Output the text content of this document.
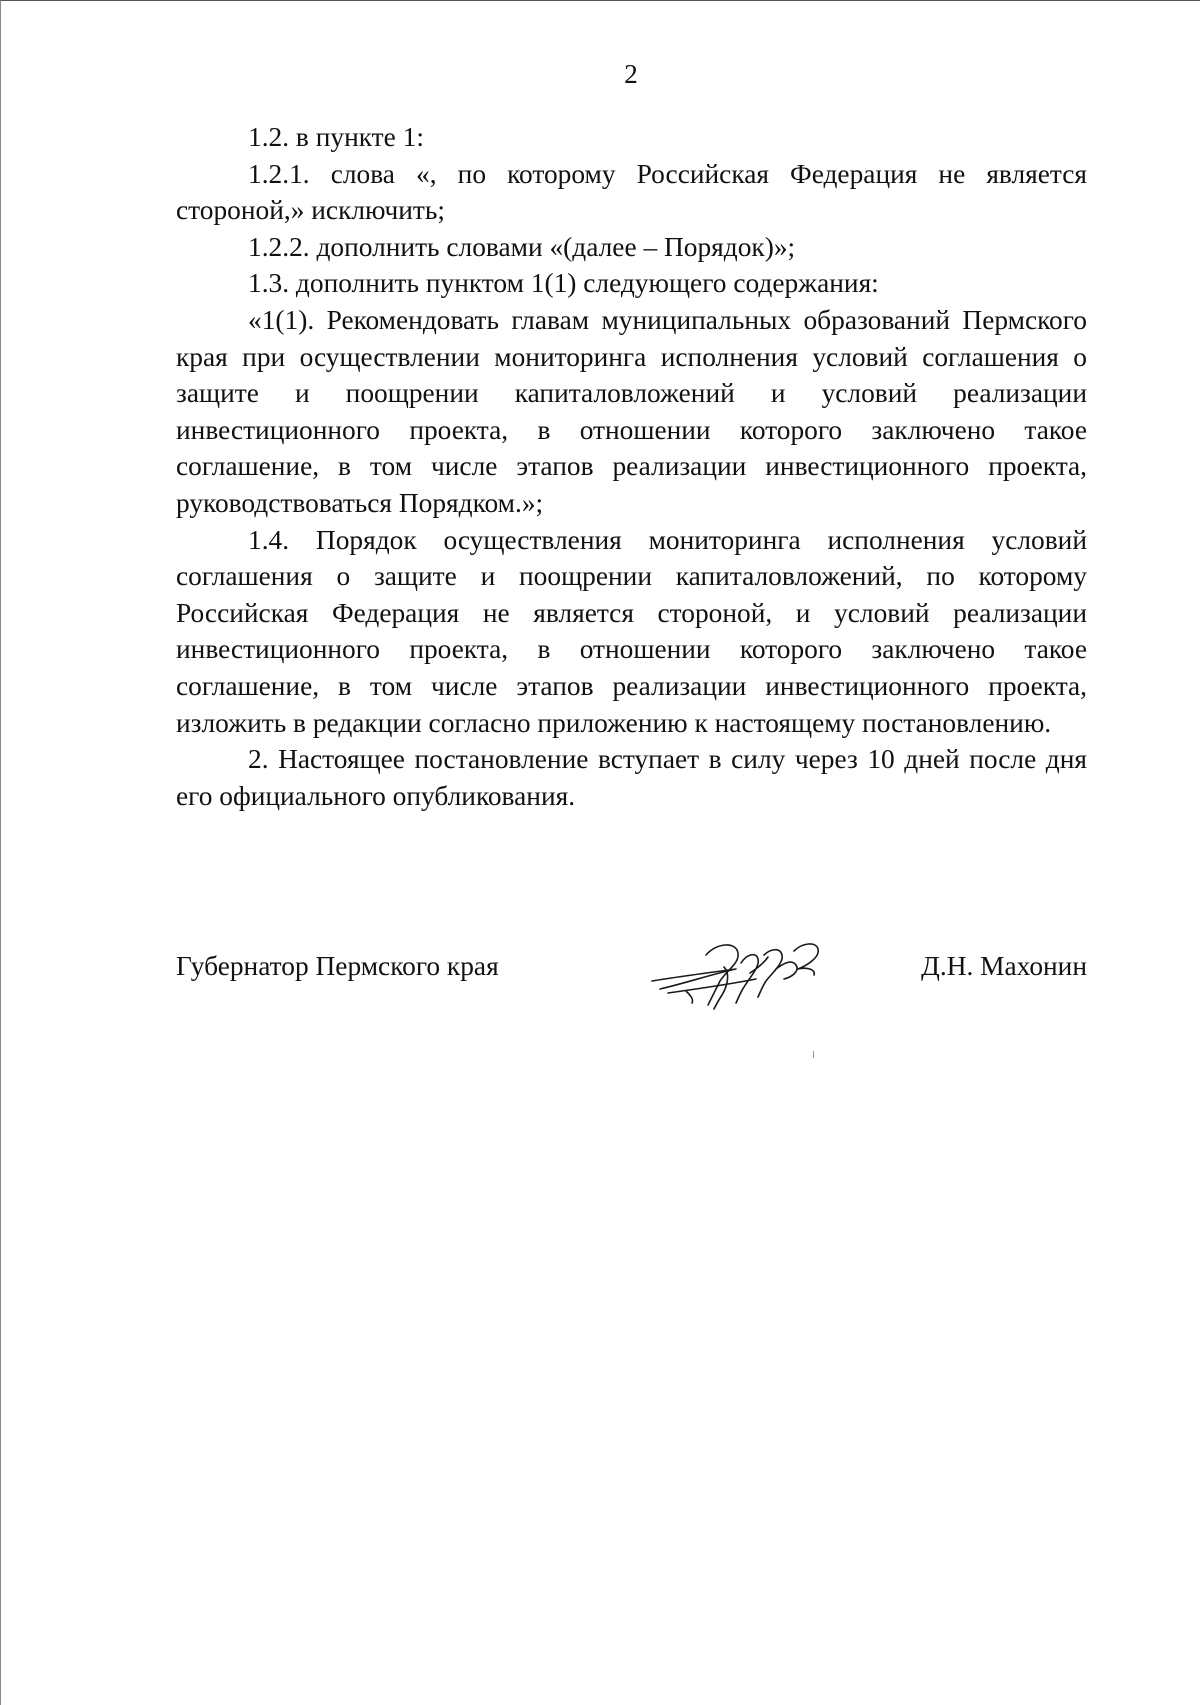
2

1.2. в пункте 1:

1.2.1. слова «, по которому Российская Федерация не является стороной,» исключить;

1.2.2. дополнить словами «(далее – Порядок)»;

1.3. дополнить пунктом 1(1) следующего содержания:

«1(1). Рекомендовать главам муниципальных образований Пермского края при осуществлении мониторинга исполнения условий соглашения о защите и поощрении капиталовложений и условий реализации инвестиционного проекта, в отношении которого заключено такое соглашение, в том числе этапов реализации инвестиционного проекта, руководствоваться Порядком.»;

1.4. Порядок осуществления мониторинга исполнения условий соглашения о защите и поощрении капиталовложений, по которому Российская Федерация не является стороной, и условий реализации инвестиционного проекта, в отношении которого заключено такое соглашение, в том числе этапов реализации инвестиционного проекта, изложить в редакции согласно приложению к настоящему постановлению.

2. Настоящее постановление вступает в силу через 10 дней после дня его официального опубликования.

Губернатор Пермского края	Д.Н. Махонин
